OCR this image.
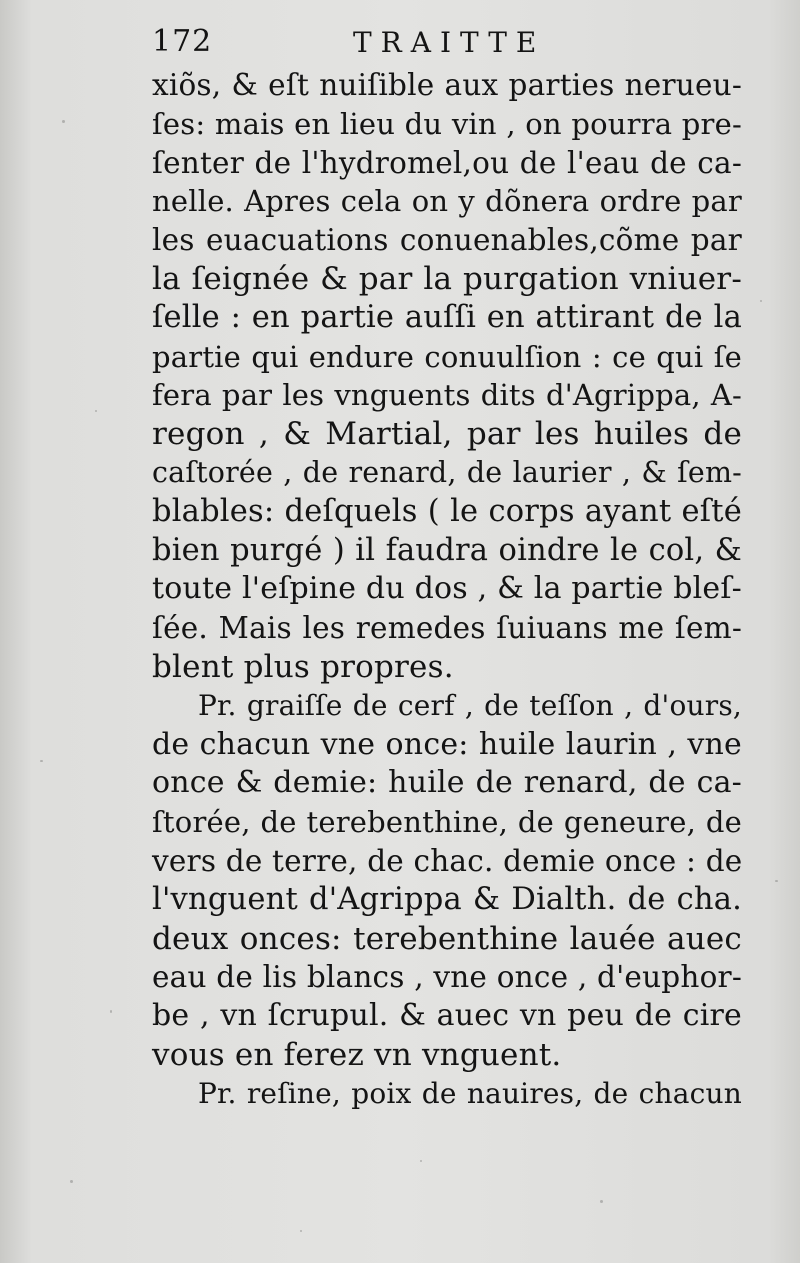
172	TRAITTE
xiõs, & eſt nuiſible aux parties nerueu-
ſes: mais en lieu du vin , on pourra pre-
ſenter de l'hydromel,ou de l'eau de ca-
nelle. Apres cela on y dõnera ordre par
les euacuations conuenables,cõme par
la ſeignée & par la purgation vniuer-
ſelle : en partie auſſi en attirant de la
partie qui endure conuulſion : ce qui ſe
fera par les vnguents dits d'Agrippa, A-
regon , & Martial, par les huiles de
caſtorée , de renard, de laurier , & ſem-
blables: deſquels ( le corps ayant eſté
bien purgé ) il faudra oindre le col, &
toute l'eſpine du dos , & la partie bleſ-
ſée. Mais les remedes ſuiuans me ſem-
blent plus propres.
Pr. graiſſe de cerf , de teſſon , d'ours,
de chacun vne once: huile laurin , vne
once & demie: huile de renard, de ca-
ſtorée, de terebenthine, de geneure, de
vers de terre, de chac. demie once : de
l'vnguent d'Agrippa & Dialth. de cha.
deux onces: terebenthine lauée auec
eau de lis blancs , vne once , d'euphor-
be , vn ſcrupul. & auec vn peu de cire
vous en ferez vn vnguent.
Pr. reſine, poix de nauires, de chacun
